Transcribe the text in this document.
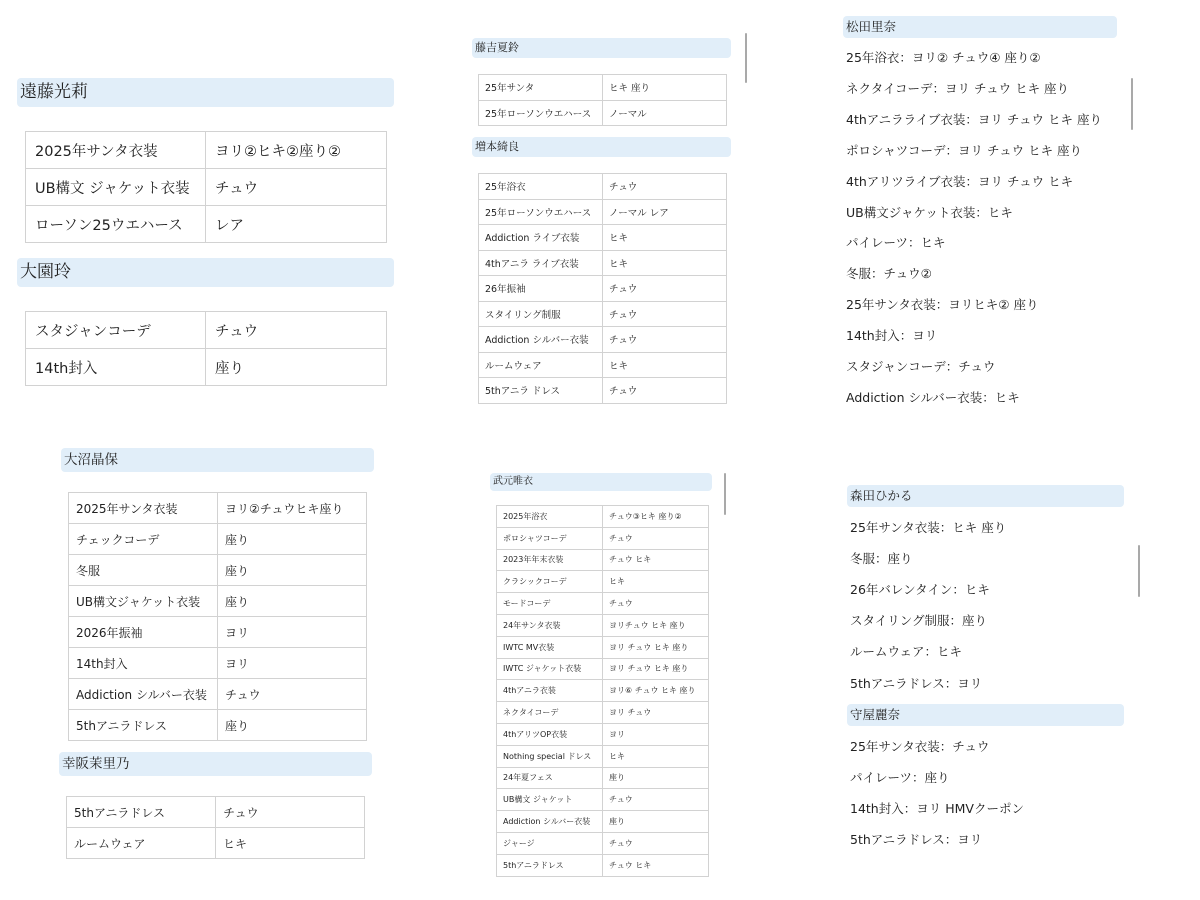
遠藤光莉
2025年サンタ衣装	ヨリ②ヒキ②座り②
UB構文 ジャケット衣装	チュウ
ローソン25ウエハース	レア
大園玲
スタジャンコーデ	チュウ
14th封入	座り
藤吉夏鈴
25年サンタ	ヒキ 座り
25年ローソンウエハース	ノーマル
増本綺良
25年浴衣	チュウ
25年ローソンウエハース	ノーマル レア
Addiction ライブ衣装	ヒキ
4thアニラ ライブ衣装	ヒキ
26年振袖	チュウ
スタイリング制服	チュウ
Addiction シルバー衣装	チュウ
ルームウェア	ヒキ
5thアニラ ドレス	チュウ
大沼晶保
2025年サンタ衣装	ヨリ②チュウヒキ座り
チェックコーデ	座り
冬服	座り
UB構文ジャケット衣装	座り
2026年振袖	ヨリ
14th封入	ヨリ
Addiction シルバー衣装	チュウ
5thアニラドレス	座り
幸阪茉里乃
5thアニラドレス	チュウ
ルームウェア	ヒキ
武元唯衣
2025年浴衣	チュウ③ヒキ 座り②
ポロシャツコーデ	チュウ
2023年年末衣装	チュウ ヒキ
クラシックコーデ	ヒキ
モードコーデ	チュウ
24年サンタ衣装	ヨリチュウ ヒキ 座り
IWTC MV衣装	ヨリ チュウ ヒキ 座り
IWTC ジャケット衣装	ヨリ チュウ ヒキ 座り
4thアニラ衣装	ヨリ⑥ チュウ ヒキ 座り
ネクタイコーデ	ヨリ チュウ
4thアリツOP衣装	ヨリ
Nothing special ドレス	ヒキ
24年夏フェス	座り
UB構文 ジャケット	チュウ
Addiction シルバー衣装	座り
ジャージ	チュウ
5thアニラドレス	チュウ ヒキ
松田里奈
25年浴衣：ヨリ② チュウ④ 座り②
ネクタイコーデ：ヨリ チュウ ヒキ 座り
4thアニラライブ衣装：ヨリ チュウ ヒキ 座り
ポロシャツコーデ：ヨリ チュウ ヒキ 座り
4thアリツライブ衣装：ヨリ チュウ ヒキ
UB構文ジャケット衣装：ヒキ
パイレーツ：ヒキ
冬服：チュウ②
25年サンタ衣装：ヨリヒキ② 座り
14th封入：ヨリ
スタジャンコーデ：チュウ
Addiction シルバー衣装：ヒキ
森田ひかる
25年サンタ衣装：ヒキ 座り
冬服：座り
26年バレンタイン：ヒキ
スタイリング制服：座り
ルームウェア：ヒキ
5thアニラドレス：ヨリ
守屋麗奈
25年サンタ衣装：チュウ
パイレーツ：座り
14th封入：ヨリ HMVクーポン
5thアニラドレス：ヨリ
